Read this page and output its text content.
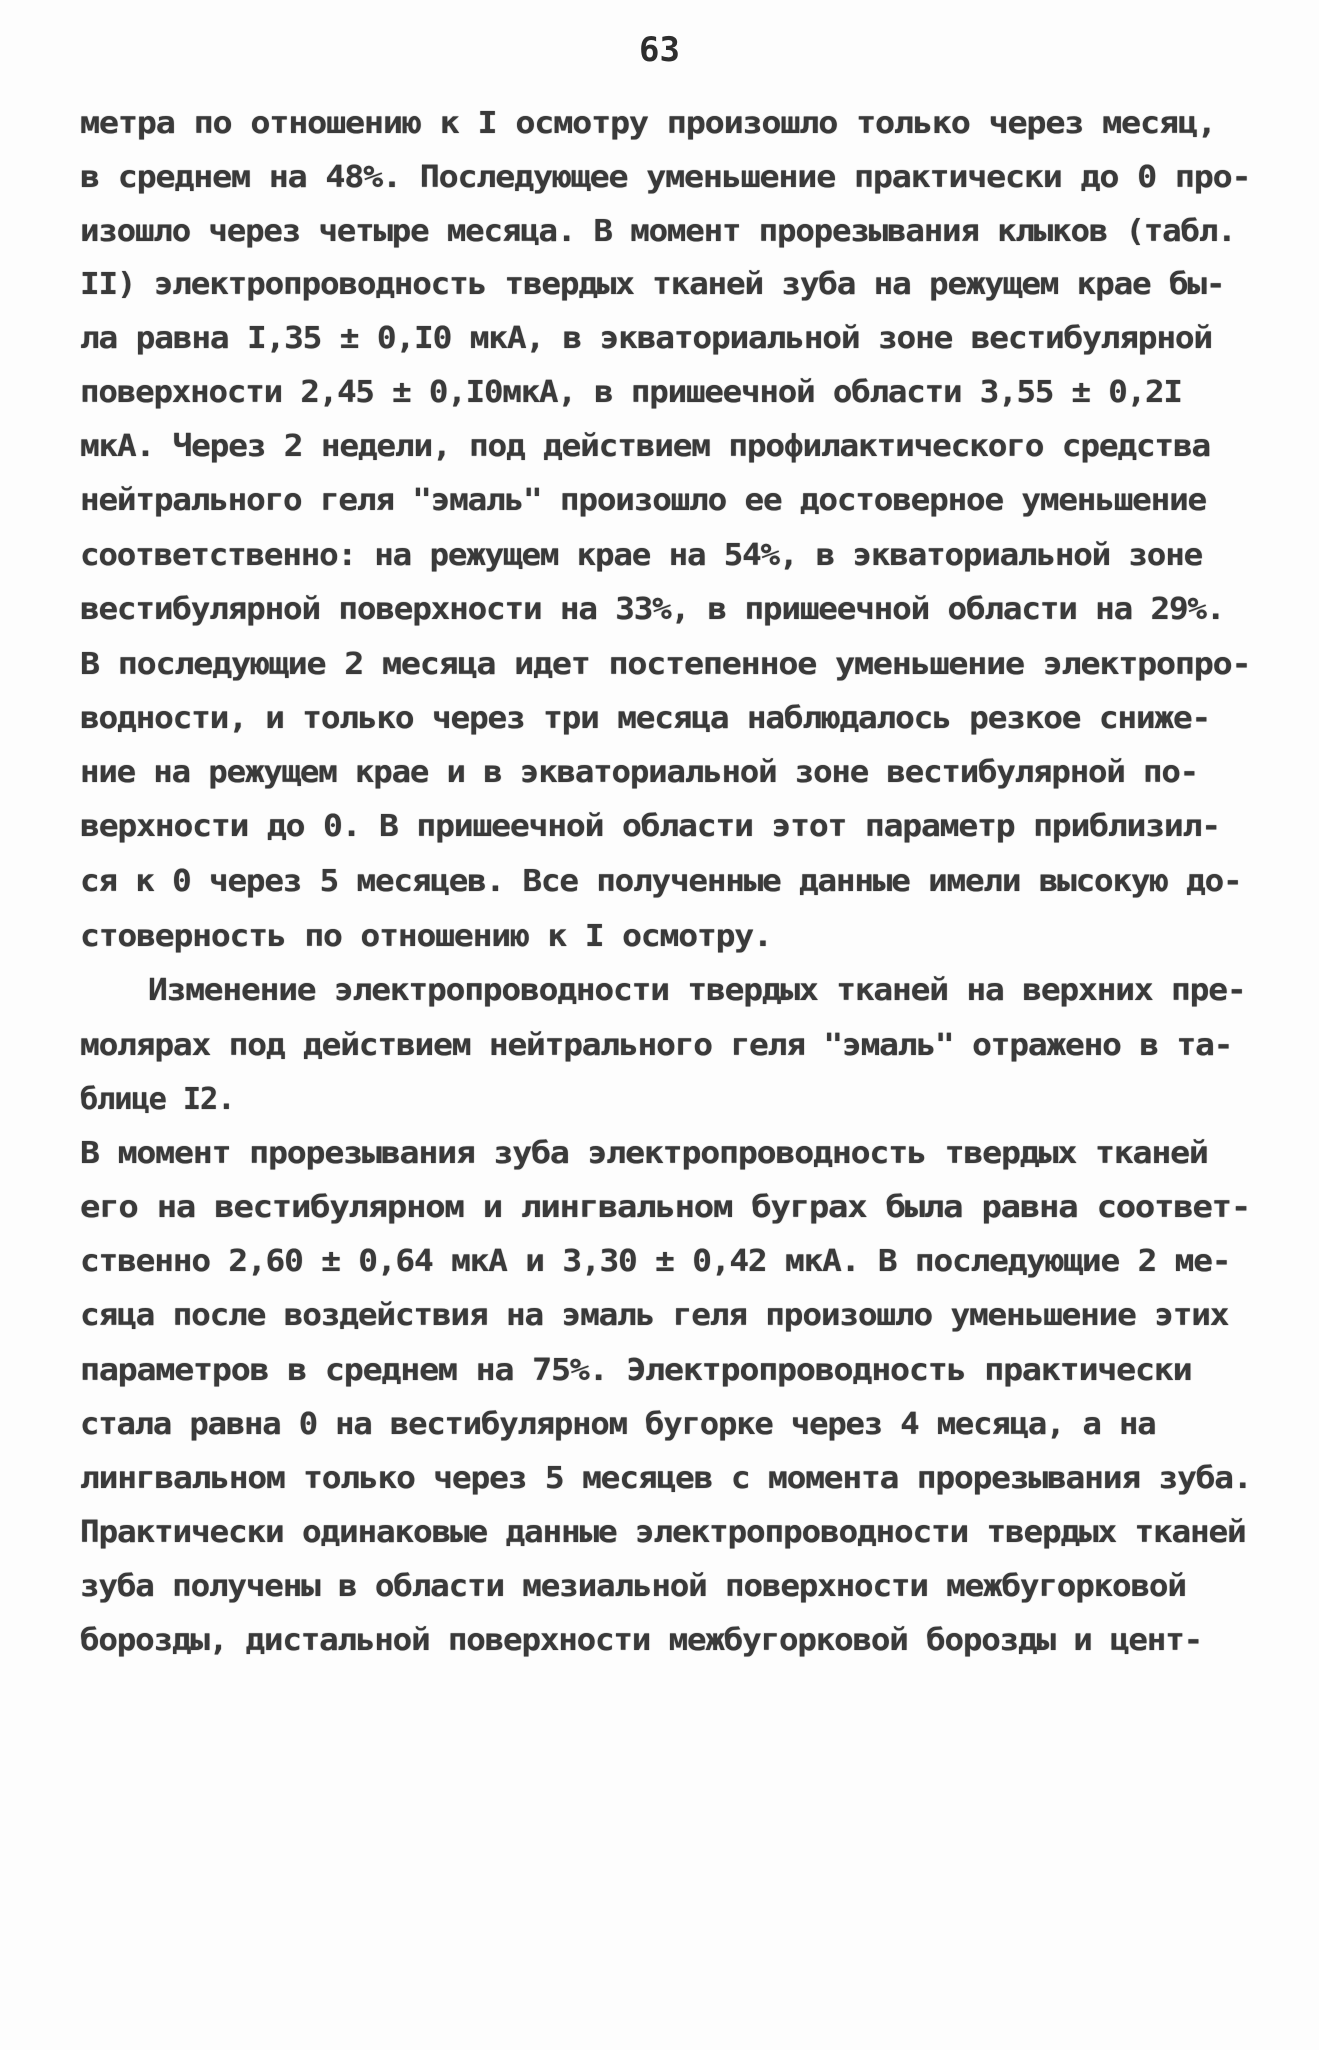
63
метра по отношению к I осмотру произошло только через месяц,
в среднем на 48%. Последующее уменьшение практически до 0 про-
изошло через четыре месяца. В момент прорезывания клыков (табл.
II) электропроводность твердых тканей зуба на режущем крае бы-
ла равна I,35 ± 0,I0 мкА, в экваториальной зоне вестибулярной
поверхности 2,45 ± 0,I0мкА, в пришеечной области 3,55 ± 0,2I
мкА. Через 2 недели, под действием профилактического средства
нейтрального геля "эмаль" произошло ее достоверное уменьшение
соответственно: на режущем крае на 54%, в экваториальной зоне
вестибулярной поверхности на 33%, в пришеечной области на 29%.
В последующие 2 месяца идет постепенное уменьшение электропро-
водности, и только через три месяца наблюдалось резкое сниже-
ние на режущем крае и в экваториальной зоне вестибулярной по-
верхности до 0. В пришеечной области этот параметр приблизил-
ся к 0 через 5 месяцев. Все полученные данные имели высокую до-
стоверность по отношению к I осмотру.
Изменение электропроводности твердых тканей на верхних пре-
молярах под действием нейтрального геля "эмаль" отражено в та-
блице I2.
В момент прорезывания зуба электропроводность твердых тканей
его на вестибулярном и лингвальном буграх была равна соответ-
ственно 2,60 ± 0,64 мкА и 3,30 ± 0,42 мкА. В последующие 2 ме-
сяца после воздействия на эмаль геля произошло уменьшение этих
параметров в среднем на 75%. Электропроводность практически
стала равна 0 на вестибулярном бугорке через 4 месяца, а на
лингвальном только через 5 месяцев с момента прорезывания зуба.
Практически одинаковые данные электропроводности твердых тканей
зуба получены в области мезиальной поверхности межбугорковой
борозды, дистальной поверхности межбугорковой борозды и цент-
